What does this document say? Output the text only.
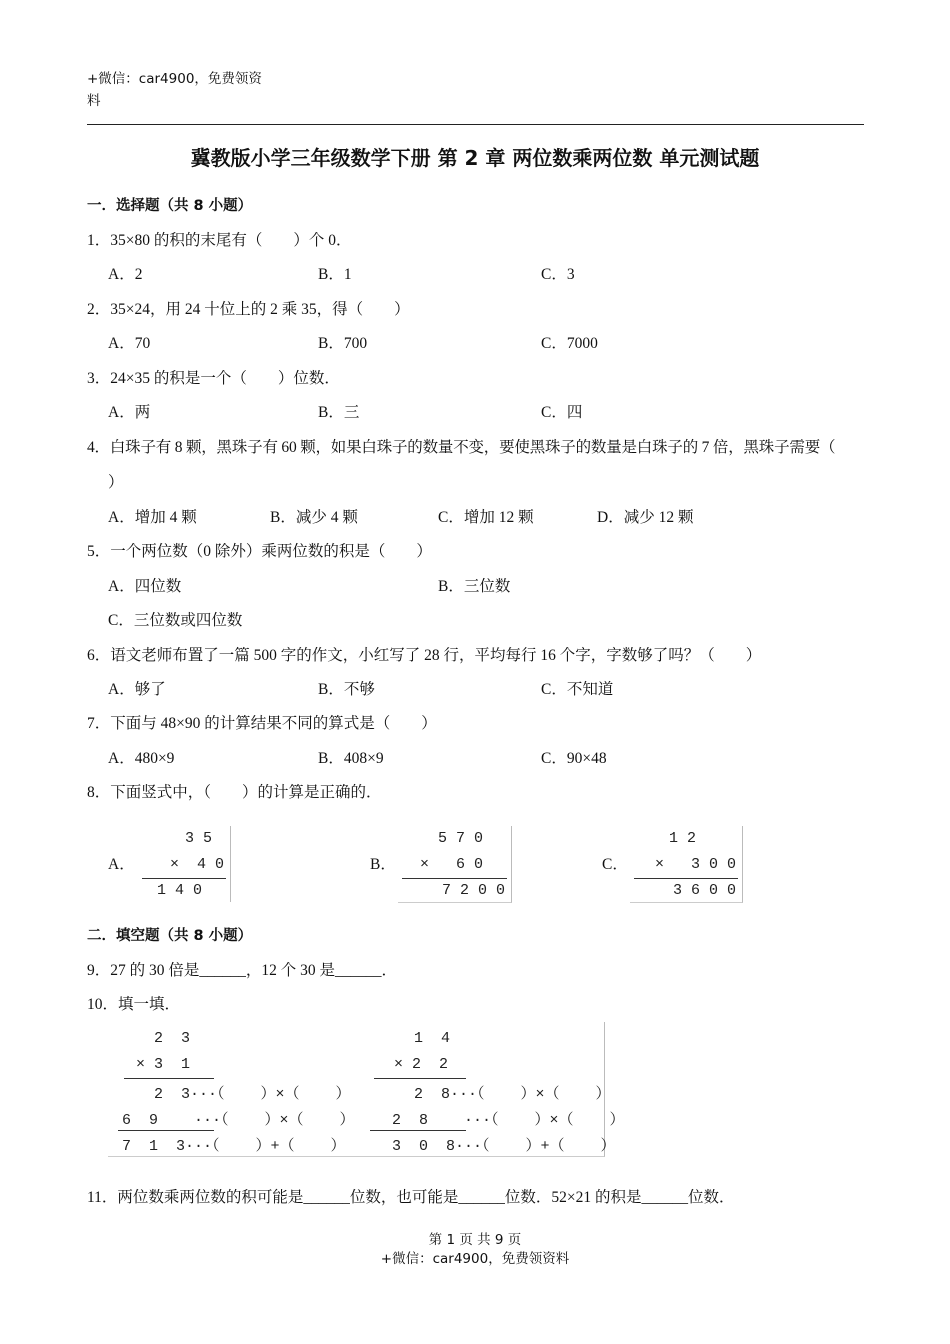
+微信：car4900，免费领资
料
冀教版小学三年级数学下册 第 2 章 两位数乘两位数 单元测试题
一．选择题（共 8 小题）
1．35×80 的积的末尾有（　　）个 0．
A．2	B．1	C．3
2．35×24，用 24 十位上的 2 乘 35，得（　　）
A．70	B．700	C．7000
3．24×35 的积是一个（　　）位数．
A．两	B．三	C．四
4．白珠子有 8 颗，黑珠子有 60 颗，如果白珠子的数量不变，要使黑珠子的数量是白珠子的 7 倍，黑珠子需要（
）
A．增加 4 颗	B．减少 4 颗	C．增加 12 颗	D．减少 12 颗
5．一个两位数（0 除外）乘两位数的积是（　　）
A．四位数	B．三位数
C．三位数或四位数
6．语文老师布置了一篇 500 字的作文，小红写了 28 行，平均每行 16 个字，字数够了吗？（　　）
A．够了	B．不够	C．不知道
7．下面与 48×90 的计算结果不同的算式是（　　）
A．480×9	B．408×9	C．90×48
8．下面竖式中，（　　）的计算是正确的．
A．
3 5
×  4 0
1 4 0
B．
5 7 0
×   6 0
7 2 0 0
C．
1 2
×   3 0 0
3 6 0 0
二．填空题（共 8 小题）
9．27 的 30 倍是______，12 个 30 是______．
10．填一填．
2  3
× 3  1
2  3···（    ）×（    ）
6  9    ···（    ）×（    ）
7  1  3···（    ）+（    ）
1  4
× 2  2
2  8···（    ）×（    ）
2  8    ···（    ）×（    ）
3  0  8···（    ）+（    ）
11．两位数乘两位数的积可能是______位数，也可能是______位数．52×21 的积是______位数．
第 1 页 共 9 页
+微信：car4900，免费领资料
